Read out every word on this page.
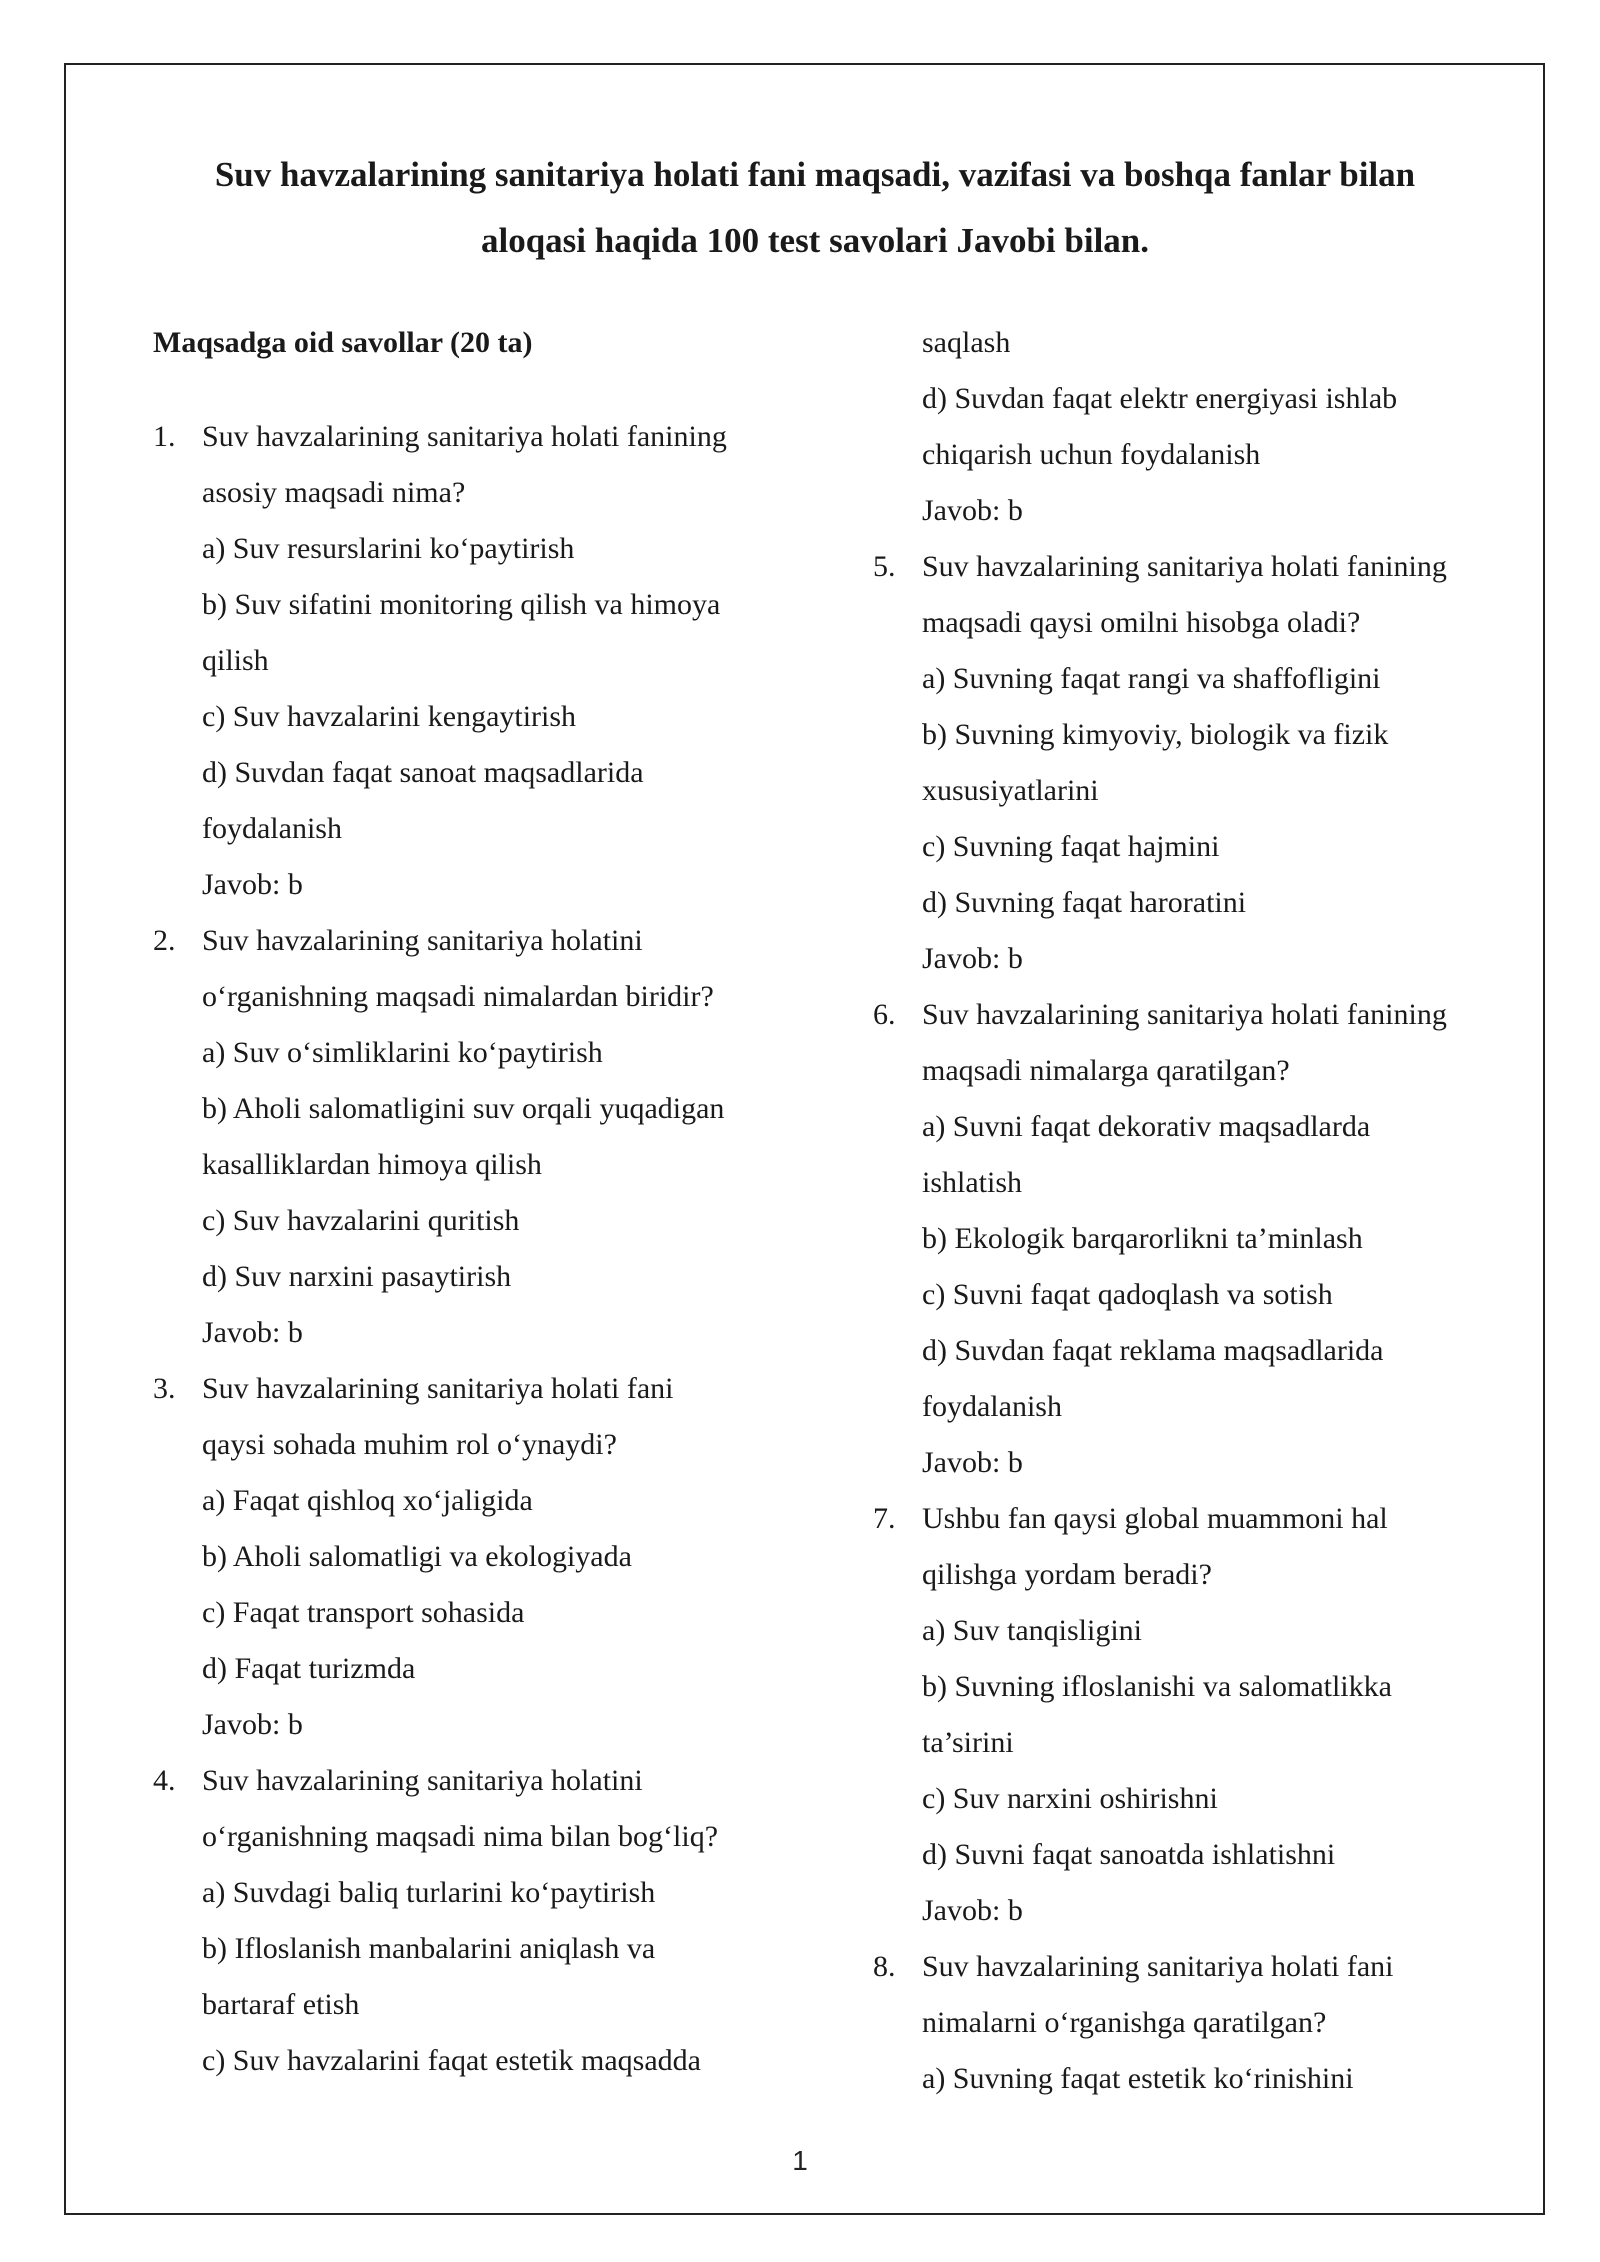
Suv havzalarining sanitariya holati fani maqsadi, vazifasi va boshqa fanlar bilan
aloqasi haqida 100 test savolari Javobi bilan.
Maqsadga oid savollar (20 ta)
1. Suv havzalarining sanitariya holati fanining
asosiy maqsadi nima?
a) Suv resurslarini ko‘paytirish
b) Suv sifatini monitoring qilish va himoya
qilish
c) Suv havzalarini kengaytirish
d) Suvdan faqat sanoat maqsadlarida
foydalanish
Javob: b
2. Suv havzalarining sanitariya holatini
o‘rganishning maqsadi nimalardan biridir?
a) Suv o‘simliklarini ko‘paytirish
b) Aholi salomatligini suv orqali yuqadigan
kasalliklardan himoya qilish
c) Suv havzalarini quritish
d) Suv narxini pasaytirish
Javob: b
3. Suv havzalarining sanitariya holati fani
qaysi sohada muhim rol o‘ynaydi?
a) Faqat qishloq xo‘jaligida
b) Aholi salomatligi va ekologiyada
c) Faqat transport sohasida
d) Faqat turizmda
Javob: b
4. Suv havzalarining sanitariya holatini
o‘rganishning maqsadi nima bilan bog‘liq?
a) Suvdagi baliq turlarini ko‘paytirish
b) Ifloslanish manbalarini aniqlash va
bartaraf etish
c) Suv havzalarini faqat estetik maqsadda
saqlash
d) Suvdan faqat elektr energiyasi ishlab
chiqarish uchun foydalanish
Javob: b
5. Suv havzalarining sanitariya holati fanining
maqsadi qaysi omilni hisobga oladi?
a) Suvning faqat rangi va shaffofligini
b) Suvning kimyoviy, biologik va fizik
xususiyatlarini
c) Suvning faqat hajmini
d) Suvning faqat haroratini
Javob: b
6. Suv havzalarining sanitariya holati fanining
maqsadi nimalarga qaratilgan?
a) Suvni faqat dekorativ maqsadlarda
ishlatish
b) Ekologik barqarorlikni ta’minlash
c) Suvni faqat qadoqlash va sotish
d) Suvdan faqat reklama maqsadlarida
foydalanish
Javob: b
7. Ushbu fan qaysi global muammoni hal
qilishga yordam beradi?
a) Suv tanqisligini
b) Suvning ifloslanishi va salomatlikka
ta’sirini
c) Suv narxini oshirishni
d) Suvni faqat sanoatda ishlatishni
Javob: b
8. Suv havzalarining sanitariya holati fani
nimalarni o‘rganishga qaratilgan?
a) Suvning faqat estetik ko‘rinishini
1
